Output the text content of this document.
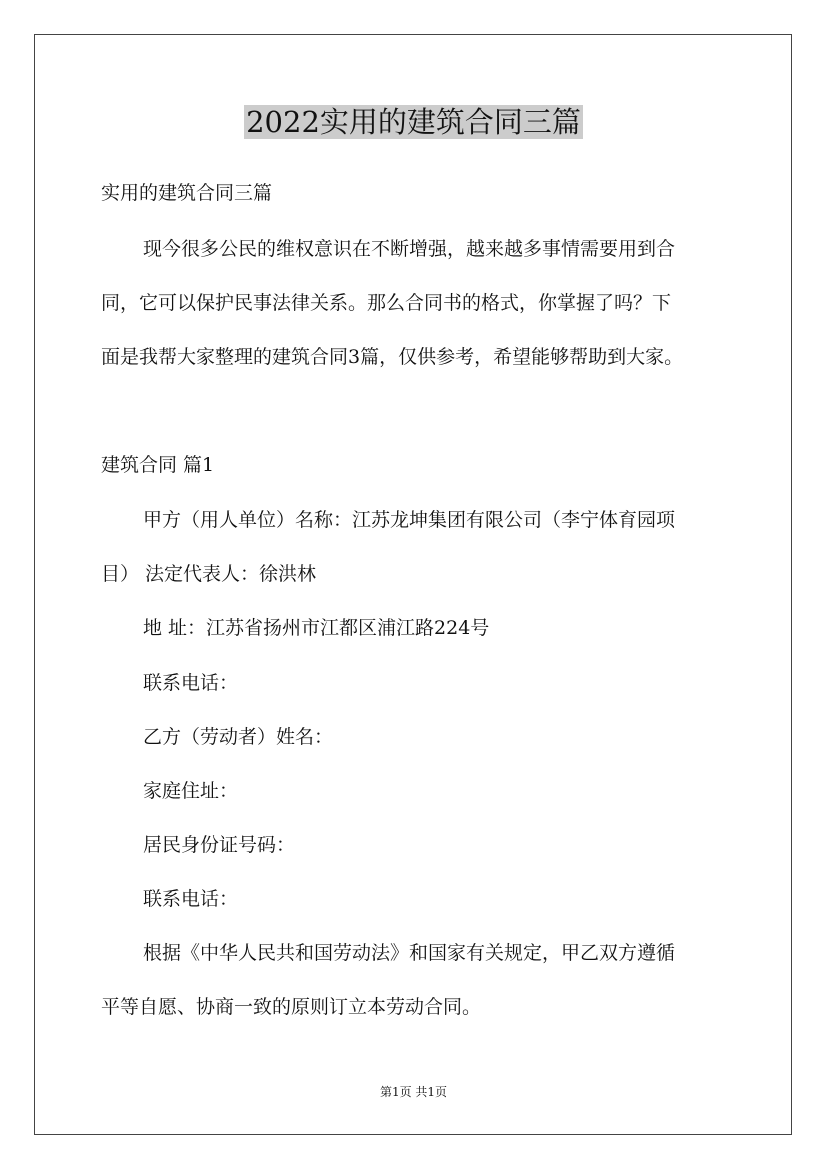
2022实用的建筑合同三篇

实用的建筑合同三篇

现今很多公民的维权意识在不断增强，越来越多事情需要用到合

同，它可以保护民事法律关系。那么合同书的格式，你掌握了吗？下

面是我帮大家整理的建筑合同3篇，仅供参考，希望能够帮助到大家。

建筑合同 篇1

甲方（用人单位）名称：江苏龙坤集团有限公司（李宁体育园项

目） 法定代表人：徐洪林

地 址：江苏省扬州市江都区浦江路224号

联系电话：

乙方（劳动者）姓名：

家庭住址：

居民身份证号码：

联系电话：

根据《中华人民共和国劳动法》和国家有关规定，甲乙双方遵循

平等自愿、协商一致的原则订立本劳动合同。

第1页 共1页
